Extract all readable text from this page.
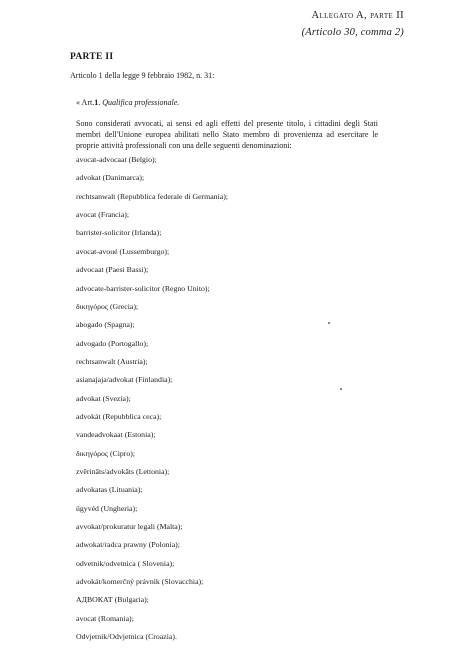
Allegato A, parte II
(Articolo 30, comma 2)
PARTE II
Articolo 1 della legge 9 febbraio 1982, n. 31:
« Art.1. Qualifica professionale.
Sono considerati avvocati, ai sensi ed agli effetti del presente titolo, i cittadini degli Stati membri dell'Unione europea abilitati nello Stato membro di provenienza ad esercitare le proprie attività professionali con una delle seguenti denominazioni:
avocat-advocaat (Belgio);
advokat (Danimarca);
rechtsanwalt (Repubblica federale di Germania);
avocat (Francia);
barrister-solicitor (Irlanda);
avocat-avoué (Lussemburgo);
advocaat (Paesi Bassi);
advocate-barrister-solicitor (Regno Unito);
δικηγόρος (Grecia);
abogado (Spagna);
advogado (Portogallo);
rechtsanwalt (Austria);
asianajaja/advokat (Finlandia);
advokat (Svezia);
advokát (Repubblica ceca);
vandeadvokaat (Estonia);
δικηγόρος (Cipro);
zvērināts/advokāts (Lettonia);
advokatas (Lituania);
ügyvéd (Ungheria);
avvokat/prokuratur legali (Malta);
adwokat/radca prawny (Polonia);
odvetnik/odvetnica ( Slovenia);
advokát/komerčný právnik (Slovacchia);
АДВОКАТ (Bulgaria);
avocat (Romania);
Odvjetnik/Odvjetnica (Croazia).
